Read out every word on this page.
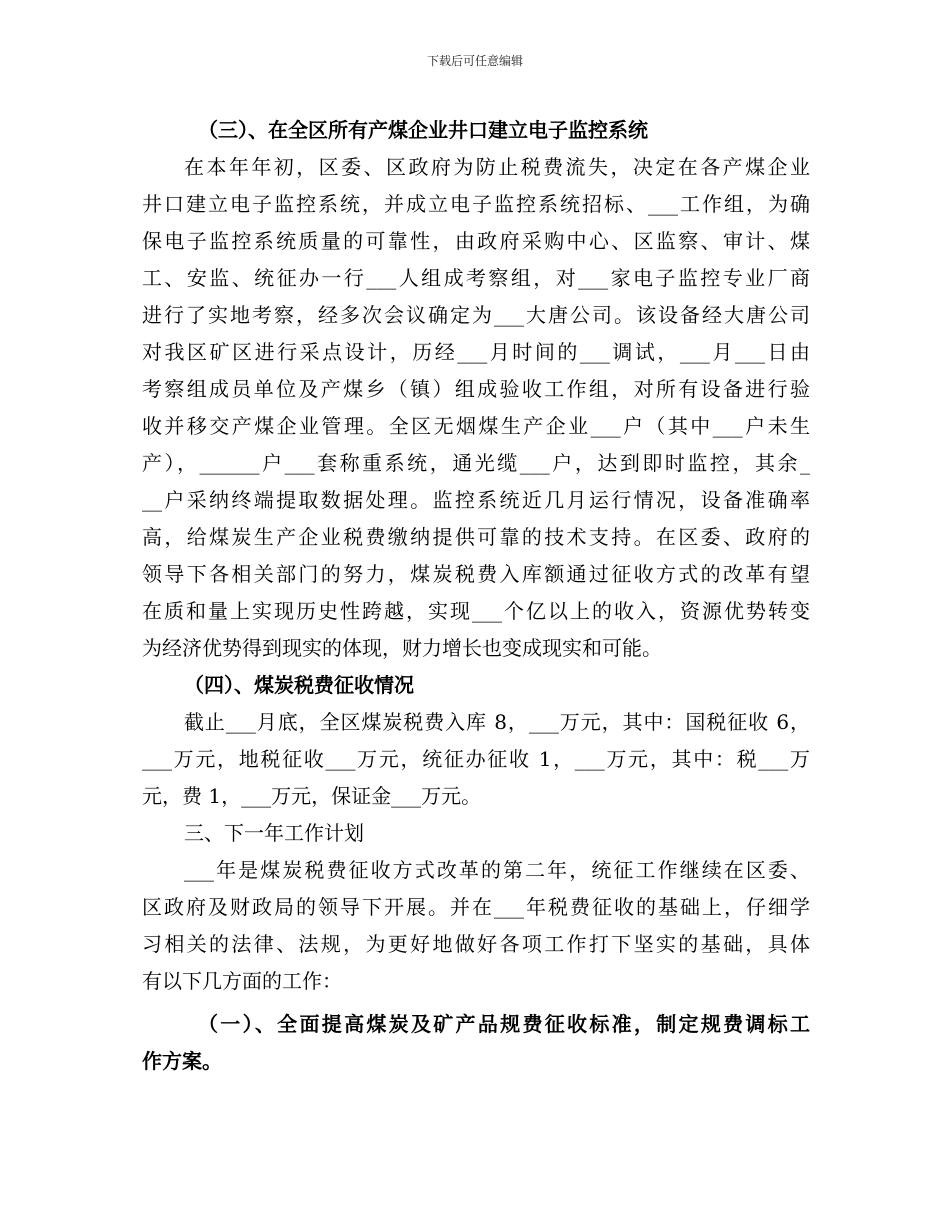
下载后可任意编辑
（三）、在全区所有产煤企业井口建立电子监控系统
在本年年初，区委、区政府为防止税费流失，决定在各产煤企业
井口建立电子监控系统，并成立电子监控系统招标、___工作组，为确
保电子监控系统质量的可靠性，由政府采购中心、区监察、审计、煤
工、安监、统征办一行___人组成考察组，对___家电子监控专业厂商
进行了实地考察，经多次会议确定为___大唐公司。该设备经大唐公司
对我区矿区进行采点设计，历经___月时间的___调试，___月___日由
考察组成员单位及产煤乡（镇）组成验收工作组，对所有设备进行验
收并移交产煤企业管理。全区无烟煤生产企业___户（其中___户未生
产），______户___套称重系统，通光缆___户，达到即时监控，其余_
__户采纳终端提取数据处理。监控系统近几月运行情况，设备准确率
高，给煤炭生产企业税费缴纳提供可靠的技术支持。在区委、政府的
领导下各相关部门的努力，煤炭税费入库额通过征收方式的改革有望
在质和量上实现历史性跨越，实现___个亿以上的收入，资源优势转变
为经济优势得到现实的体现，财力增长也变成现实和可能。
（四）、煤炭税费征收情况
截止___月底，全区煤炭税费入库 8，___万元，其中：国税征收 6，
___万元，地税征收___万元，统征办征收 1，___万元，其中：税___万
元，费 1，___万元，保证金___万元。
三、下一年工作计划
___年是煤炭税费征收方式改革的第二年，统征工作继续在区委、
区政府及财政局的领导下开展。并在___年税费征收的基础上，仔细学
习相关的法律、法规，为更好地做好各项工作打下坚实的基础，具体
有以下几方面的工作：
（一）、全面提高煤炭及矿产品规费征收标准，制定规费调标工
作方案。
